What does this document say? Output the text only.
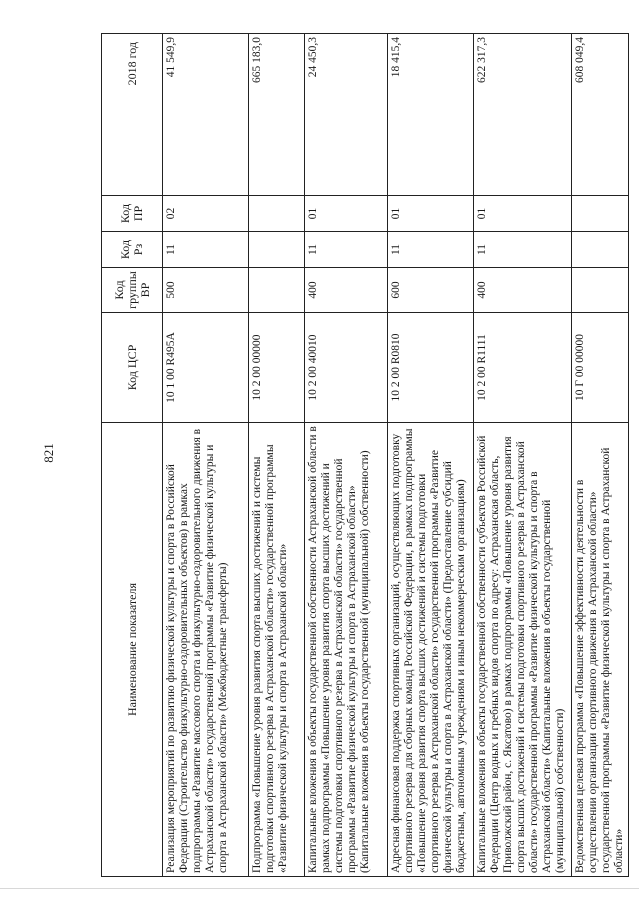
821
Наименование показателя	Код ЦСР	Код группы ВР	Код Рз	Код ПР	2018 год
Реализация мероприятий по развитию физической культуры и спорта в Российской Федерации (Строительство физкультурно-оздоровительных объектов) в рамках подпрограммы «Развитие массового спорта и физкультурно-оздоровительного движения в Астраханской области» государственной программы «Развитие физической культуры и спорта в Астраханской области» (Межбюджетные трансферты)	10 1 00 R495A	500	11	02	41 549,9
Подпрограмма «Повышение уровня развития спорта высших достижений и системы подготовки спортивного резерва в Астраханской области» государственной программы «Развитие физической культуры и спорта в Астраханской области»	10 2 00 00000				665 183,0
Капитальные вложения в объекты государственной собственности Астраханской области в рамках подпрограммы «Повышение уровня развития спорта высших достижений и системы подготовки спортивного резерва в Астраханской области» государственной программы «Развитие физической культуры и спорта в Астраханской области» (Капитальные вложения в объекты государственной (муниципальной) собственности)	10 2 00 40010	400	11	01	24 450,3
Адресная финансовая поддержка спортивных организаций, осуществляющих подготовку спортивного резерва для сборных команд Российской Федерации, в рамках подпрограммы «Повышение уровня развития спорта высших достижений и системы подготовки спортивного резерва в Астраханской области» государственной программы «Развитие физической культуры и спорта в Астраханской области» (Предоставление субсидий бюджетным, автономным учреждениям и иным некоммерческим организациям)	10 2 00 R0810	600	11	01	18 415,4
Капитальные вложения в объекты государственной собственности субъектов Российской Федерации (Центр водных и гребных видов спорта по адресу: Астраханская область, Приволжский район, с. Яксатово) в рамках подпрограммы «Повышение уровня развития спорта высших достижений и системы подготовки спортивного резерва в Астраханской области» государственной программы «Развитие физической культуры и спорта в Астраханской области» (Капитальные вложения в объекты государственной (муниципальной) собственности)	10 2 00 R1111	400	11	01	622 317,3
Ведомственная целевая программа «Повышение эффективности деятельности в осуществлении организации спортивного движения в Астраханской области» государственной программы «Развитие физической культуры и спорта в Астраханской области»	10 Г 00 00000				608 049,4
